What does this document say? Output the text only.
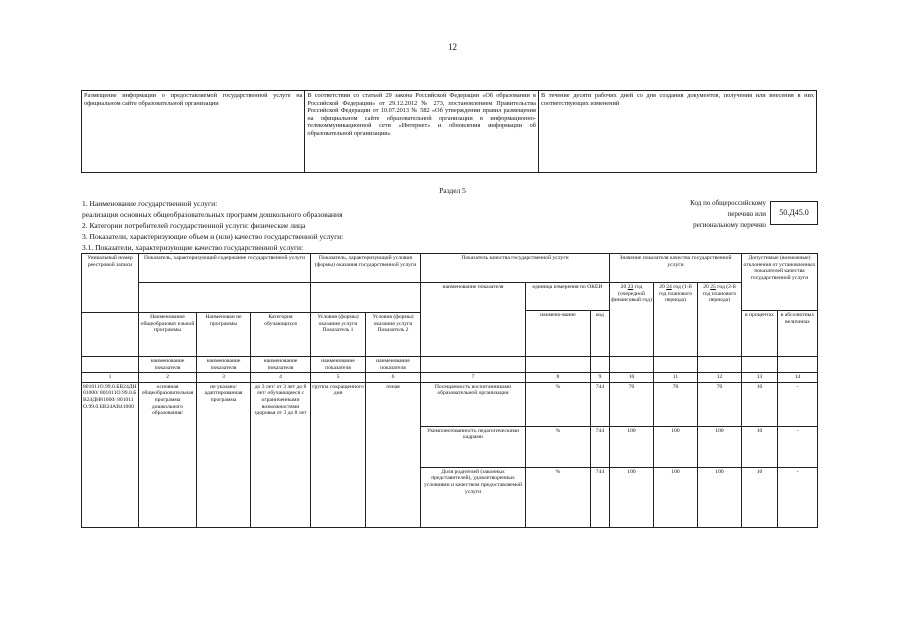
12
Размещение информации о предоставляемой государственной услуге на официальном сайте образовательной организации	В соответствии со статьей 29 закона Российской Федерации «Об образовании в Российской Федерации» от 29.12.2012 № 273, постановлением Правительства Российской Федерации от 10.07.2013 № 582 «Об утверждении правил размещения на официальном сайте образовательной организации в информационно-телекоммуникационной сети «Интернет» и обновления информации об образовательной организации»	В течение десяти рабочих дней со дня создания документов, получения или внесения в них соответствующих изменений
Раздел 5
1. Наименование государственной услуги:
реализация основных общеобразовательных программ дошкольного образования
2. Категории потребителей государственной услуги: физические лица
3. Показатели, характеризующие объем и (или) качество государственной услуги:
3.1. Показатели, характеризующие качество государственной услуги:
Код по общероссийскому
перечню или
региональному перечню
50.Д45.0
Уникальный номер реестровой записи	Показатель, характеризующий содержание государственной услуги			Показатель, характеризующий условия (формы) оказания государственной услуги		Показатель качества государственной услуги			Значение показателя качества государственной услуги			Допустимые (возможные) отклонения от установленных показателей качества государственной услуги	
						наименование показателя	единица измерения по ОКЕИ		20 23 год (очередной финансовый год)	20 24 год (1-й год планового периода)	20 25 год (2-й год планового периода)		
							наимено-вание	код				в процентах	в абсолютных величинах
	Наименование общеобразоват ельной программы	Наименован не программы	Категория обучающихся	Условия (формы) оказания услуги Показатель 1	Условия (формы) оказания услуги Показатель 2								
	наименование показателя	наименование показателя	наименование показателя	наименование показателя	наименование показателя								
1	2	3	4	5	6	7	8	9	10	11	12	13	14
801011О.99.0.БВ24ДН01000/ 801011О.99.0.БВ24ДН81000/ 801011О.99.0.БВ24АВ41000	основная общеобразовательная программа дошкольного образования/	не указано/ адаптированная программа	до 3 лет/ от 3 лет до 8 лет/ обучающиеся с ограниченными возможностями здоровья от 3 до 8 лет	группа сокращенного дня	очная	Посещаемость воспитанниками образовательной организации	%	744	70	70	70	10	-
						Укомплектованность педагогическими кадрами	%	744	100	100	100	10	-
						Доля родителей (законных представителей), удовлетворенных условиями и качеством предоставляемой услуги	%	744	100	100	100	10	-
